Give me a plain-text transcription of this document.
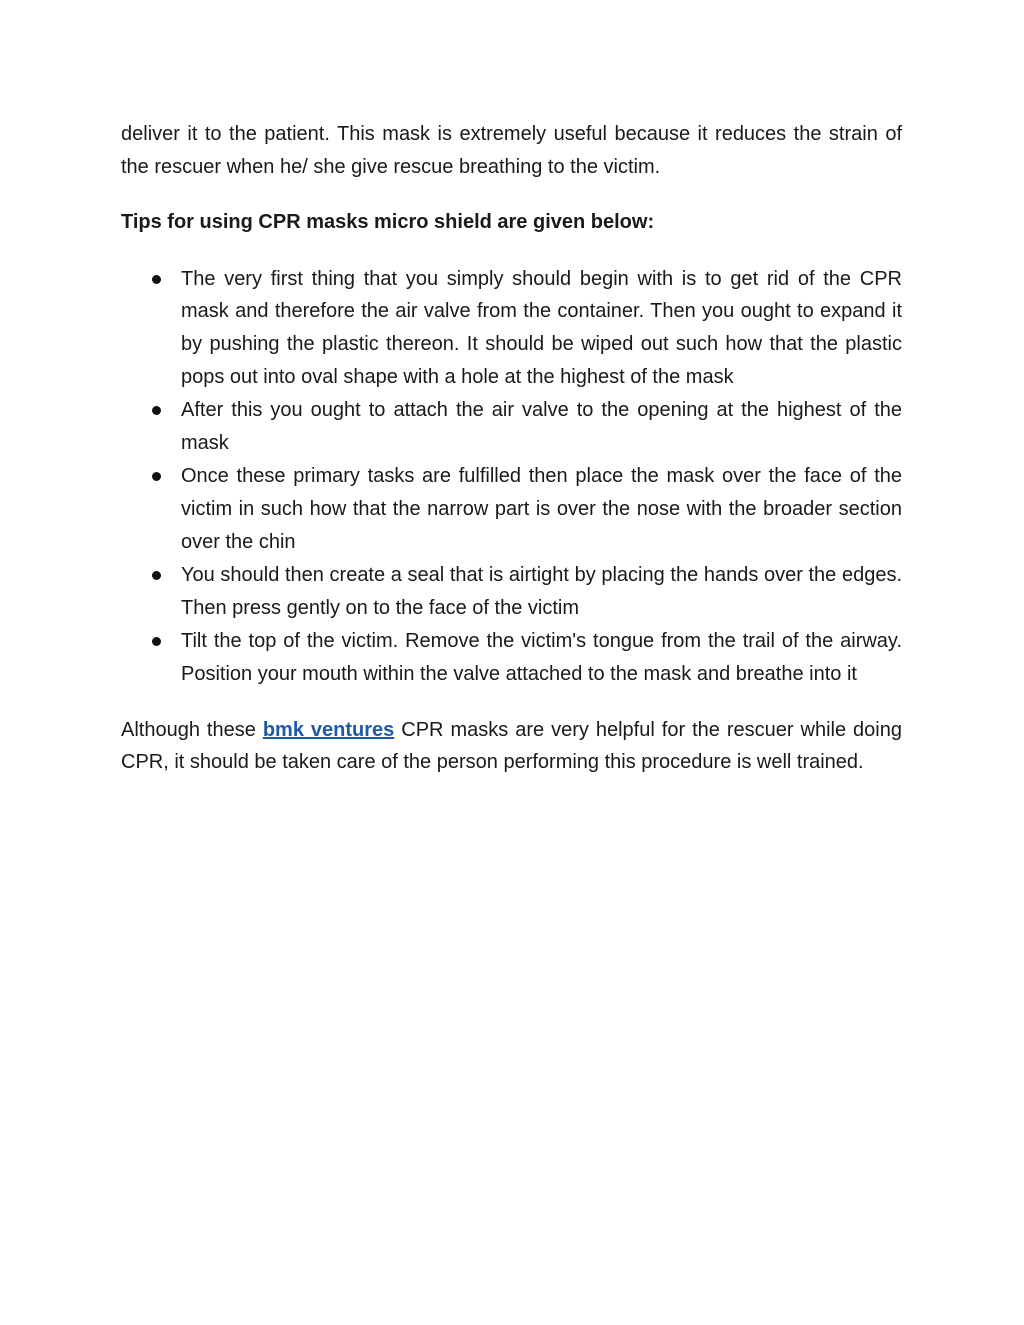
deliver it to the patient. This mask is extremely useful because it reduces the strain of the rescuer when he/ she give rescue breathing to the victim.

Tips for using CPR masks micro shield are given below:

The very first thing that you simply should begin with is to get rid of the CPR mask and therefore the air valve from the container. Then you ought to expand it by pushing the plastic thereon. It should be wiped out such how that the plastic pops out into oval shape with a hole at the highest of the mask
After this you ought to attach the air valve to the opening at the highest of the mask
Once these primary tasks are fulfilled then place the mask over the face of the victim in such how that the narrow part is over the nose with the broader section over the chin
You should then create a seal that is airtight by placing the hands over the edges. Then press gently on to the face of the victim
Tilt the top of the victim. Remove the victim's tongue from the trail of the airway. Position your mouth within the valve attached to the mask and breathe into it

Although these bmk ventures CPR masks are very helpful for the rescuer while doing CPR, it should be taken care of the person performing this procedure is well trained.
